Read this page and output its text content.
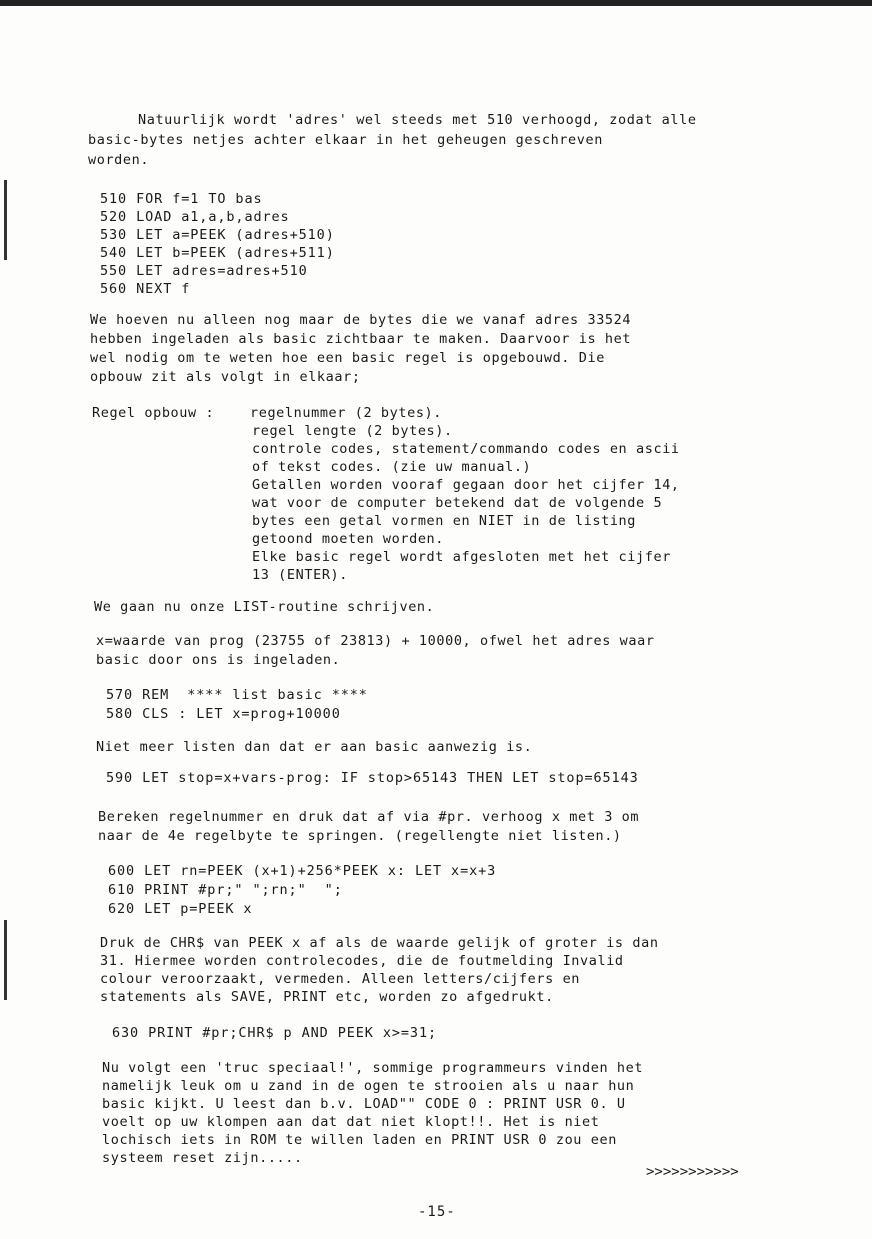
Natuurlijk wordt 'adres' wel steeds met 510 verhoogd, zodat alle
basic-bytes netjes achter elkaar in het geheugen geschreven
worden.
510 FOR f=1 TO bas
520 LOAD a1,a,b,adres
530 LET a=PEEK (adres+510)
540 LET b=PEEK (adres+511)
550 LET adres=adres+510
560 NEXT f
We hoeven nu alleen nog maar de bytes die we vanaf adres 33524
hebben ingeladen als basic zichtbaar te maken. Daarvoor is het
wel nodig om te weten hoe een basic regel is opgebouwd. Die
opbouw zit als volgt in elkaar;
Regel opbouw :	regelnummer (2 bytes).
regel lengte (2 bytes).
controle codes, statement/commando codes en ascii
of tekst codes. (zie uw manual.)
Getallen worden vooraf gegaan door het cijfer 14,
wat voor de computer betekend dat de volgende 5
bytes een getal vormen en NIET in de listing
getoond moeten worden.
Elke basic regel wordt afgesloten met het cijfer
13 (ENTER).
We gaan nu onze LIST-routine schrijven.
x=waarde van prog (23755 of 23813) + 10000, ofwel het adres waar
basic door ons is ingeladen.
570 REM  **** list basic ****
580 CLS : LET x=prog+10000
Niet meer listen dan dat er aan basic aanwezig is.
590 LET stop=x+vars-prog: IF stop>65143 THEN LET stop=65143
Bereken regelnummer en druk dat af via #pr. verhoog x met 3 om
naar de 4e regelbyte te springen. (regellengte niet listen.)
600 LET rn=PEEK (x+1)+256*PEEK x: LET x=x+3
610 PRINT #pr;" ";rn;"  ";
620 LET p=PEEK x
Druk de CHR$ van PEEK x af als de waarde gelijk of groter is dan
31. Hiermee worden controlecodes, die de foutmelding Invalid
colour veroorzaakt, vermeden. Alleen letters/cijfers en
statements als SAVE, PRINT etc, worden zo afgedrukt.
630 PRINT #pr;CHR$ p AND PEEK x>=31;
Nu volgt een 'truc speciaal!', sommige programmeurs vinden het
namelijk leuk om u zand in de ogen te strooien als u naar hun
basic kijkt. U leest dan b.v. LOAD"" CODE 0 : PRINT USR 0. U
voelt op uw klompen aan dat dat niet klopt!!. Het is niet
lochisch iets in ROM te willen laden en PRINT USR 0 zou een
systeem reset zijn.....
>>>>>>>>>>>
-15-
